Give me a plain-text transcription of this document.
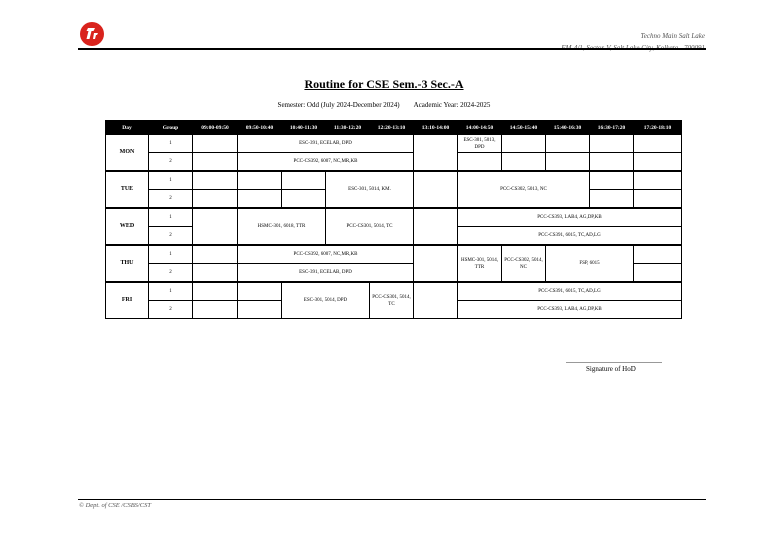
Techno Main Salt Lake
EM-4/1, Sector-V, Salt Lake City, Kolkata - 700091
Routine for CSE Sem.-3 Sec.-A
Semester: Odd (July 2024-December 2024) Academic Year: 2024-2025
Day	Group	09:00-09:50	09:50-10:40	10:40-11:30	11:30-12:20	12:20-13:10	13:10-14:00	14:00-14:50	14:50-15:40	15:40-16:30	16:30-17:20	17:20-18:10
MON	1		ESC-391, ECELAB, DPD					ESC-301, 5013, DPD				
	2		PCC-CS392, 6007, NC,MR,KB									
TUE	1				ESC-301, 5014, KM.			PCC-CS302, 5013, NC				
	2											
WED	1		HSMC-301, 6018, TTR		PCC-CS301, 5014, TC			PCC-CS393, LAB4, AG,DP,KB				
	2							PCC-CS391, 6015, TC,AD,LG				
THU	1		PCC-CS392, 6007, NC,MR,KB					HSMC-301, 5014, TTR	PCC-CS302, 5014, NC	FSP, 6015		
	2		ESC-391, ECELAB, DPD									
FRI	1			ESC-301, 5014, DPD		PCC-CS301, 5014, TC		PCC-CS391, 6015, TC,AD,LG				
	2							PCC-CS393, LAB4, AG,DP,KB				
Signature of HoD
© Dept. of CSE /CSBS/CST
